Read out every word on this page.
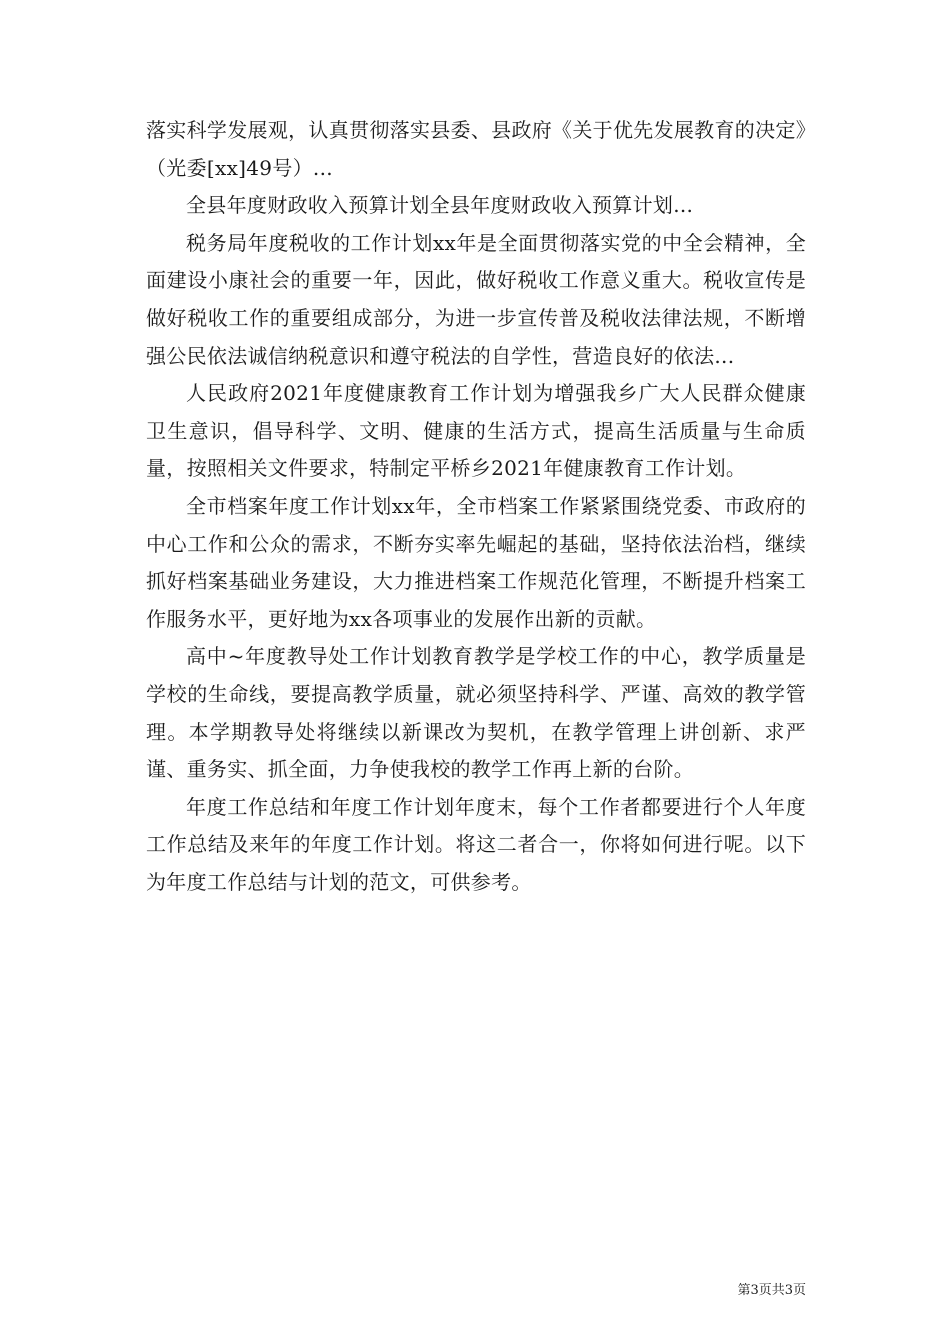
落实科学发展观，认真贯彻落实县委、县政府《关于优先发展教育的决定》（光委[xx]49号）...

全县年度财政收入预算计划全县年度财政收入预算计划...

税务局年度税收的工作计划xx年是全面贯彻落实党的中全会精神，全面建设小康社会的重要一年，因此，做好税收工作意义重大。税收宣传是做好税收工作的重要组成部分，为进一步宣传普及税收法律法规，不断增强公民依法诚信纳税意识和遵守税法的自学性，营造良好的依法...

人民政府2021年度健康教育工作计划为增强我乡广大人民群众健康卫生意识，倡导科学、文明、健康的生活方式，提高生活质量与生命质量，按照相关文件要求，特制定平桥乡2021年健康教育工作计划。

全市档案年度工作计划xx年，全市档案工作紧紧围绕党委、市政府的中心工作和公众的需求，不断夯实率先崛起的基础，坚持依法治档，继续抓好档案基础业务建设，大力推进档案工作规范化管理，不断提升档案工作服务水平，更好地为xx各项事业的发展作出新的贡献。

高中~年度教导处工作计划教育教学是学校工作的中心，教学质量是学校的生命线，要提高教学质量，就必须坚持科学、严谨、高效的教学管理。本学期教导处将继续以新课改为契机，在教学管理上讲创新、求严谨、重务实、抓全面，力争使我校的教学工作再上新的台阶。

年度工作总结和年度工作计划年度末，每个工作者都要进行个人年度工作总结及来年的年度工作计划。将这二者合一，你将如何进行呢。以下为年度工作总结与计划的范文，可供参考。

第3页共3页
